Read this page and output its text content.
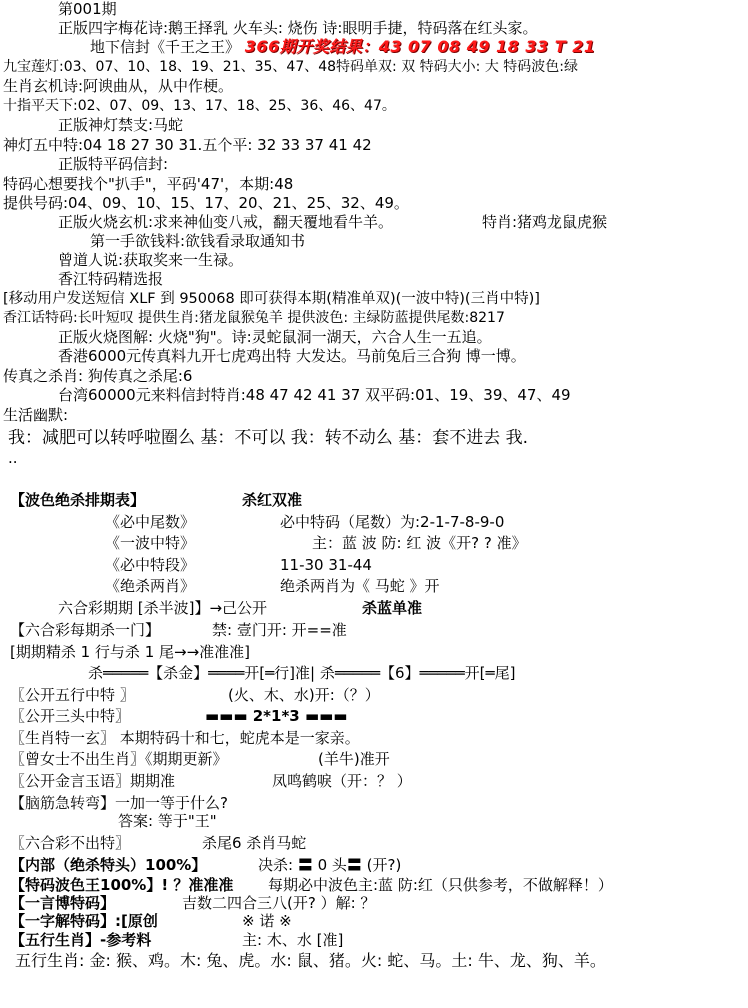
第001期
正版四字梅花诗:鹅王择乳 火车头: 烧伤 诗:眼明手捷，特码落在红头家。
地下信封《千王之王》 366期开奖结果：43 07 08 49 18 33 T 21
九宝莲灯:03、07、10、18、19、21、35、47、48特码单双: 双 特码大小: 大 特码波色:绿
生肖玄机诗:阿谀曲从，从中作梗。
十指平天下:02、07、09、13、17、18、25、36、46、47。
正版神灯禁支:马蛇
神灯五中特:04 18 27 30 31.五个平: 32 33 37 41 42
正版特平码信封:
特码心想要找个"扒手"，平码'47'，本期:48
提供号码:04、09、10、15、17、20、21、25、32、49。
正版火烧玄机:求来神仙变八戒，翻天覆地看牛羊。	特肖:猪鸡龙鼠虎猴
第一手欲钱料:欲钱看录取通知书
曾道人说:获取奖来一生禄。
香江特码精选报
[移动用户发送短信 XLF 到 950068 即可获得本期(精准单双)(一波中特)(三肖中特)]
香江话特码:长叶短叹 提供生肖:猪龙鼠猴兔羊 提供波色: 主绿防蓝提供尾数:8217
正版火烧图解: 火烧"狗"。诗:灵蛇鼠洞一湖天，六合人生一五追。
香港6000元传真料九开七虎鸡出特 大发达。马前兔后三合狗 博一博。
传真之杀肖: 狗传真之杀尾:6
台湾60000元来料信封特肖:48 47 42 41 37 双平码:01、19、39、47、49
生活幽默:
我：减肥可以转呼啦圈么 基：不可以 我：转不动么 基：套不进去 我.
..
【波色绝杀排期表】	杀红双准
《必中尾数》	必中特码（尾数）为:2-1-7-8-9-0
《一波中特》	主：蓝 波 防: 红 波《开? ? 准》
《必中特段》	11-30 31-44
《绝杀两肖》	绝杀两肖为《 马蛇 》开
六合彩期期 [杀半波]】→己公开	杀蓝单准
【六合彩每期杀一门】	禁: 壹门开: 开==准
[期期精杀 1 行与杀 1 尾→→准准准]
杀═════【杀金】════开[═行]准| 杀═════【6】═════开[═尾]
〖公开五行中特 〗	(火、木、水)开:（？）
〖公开三头中特〗	▬▬▬ 2*1*3 ▬▬▬
〖生肖特一玄〗 本期特码十和七，蛇虎本是一家亲。
〖曾女士不出生肖〗《期期更新》	(羊牛)准开
〖公开金言玉语〗期期准	凤鸣鹤唳（开：？ ）
【脑筋急转弯】一加一等于什么?
答案: 等于"王"
〖六合彩不出特〗	杀尾6 杀肖马蛇
【内部（绝杀特头）100%】	决杀: 〓 0 头〓 (开?)
【特码波色王100%】! ？准准准 每期必中波色主:蓝 防:红（只供参考，不做解释！）
【一言博特码】	吉数二四合三八(开? ）解: ？
【一字解特码】:[原创	※ 诺 ※
【五行生肖】-参考料	主: 木、水 [准]
五行生肖: 金: 猴、鸡。木: 兔、虎。水: 鼠、猪。火: 蛇、马。土: 牛、龙、狗、羊。
